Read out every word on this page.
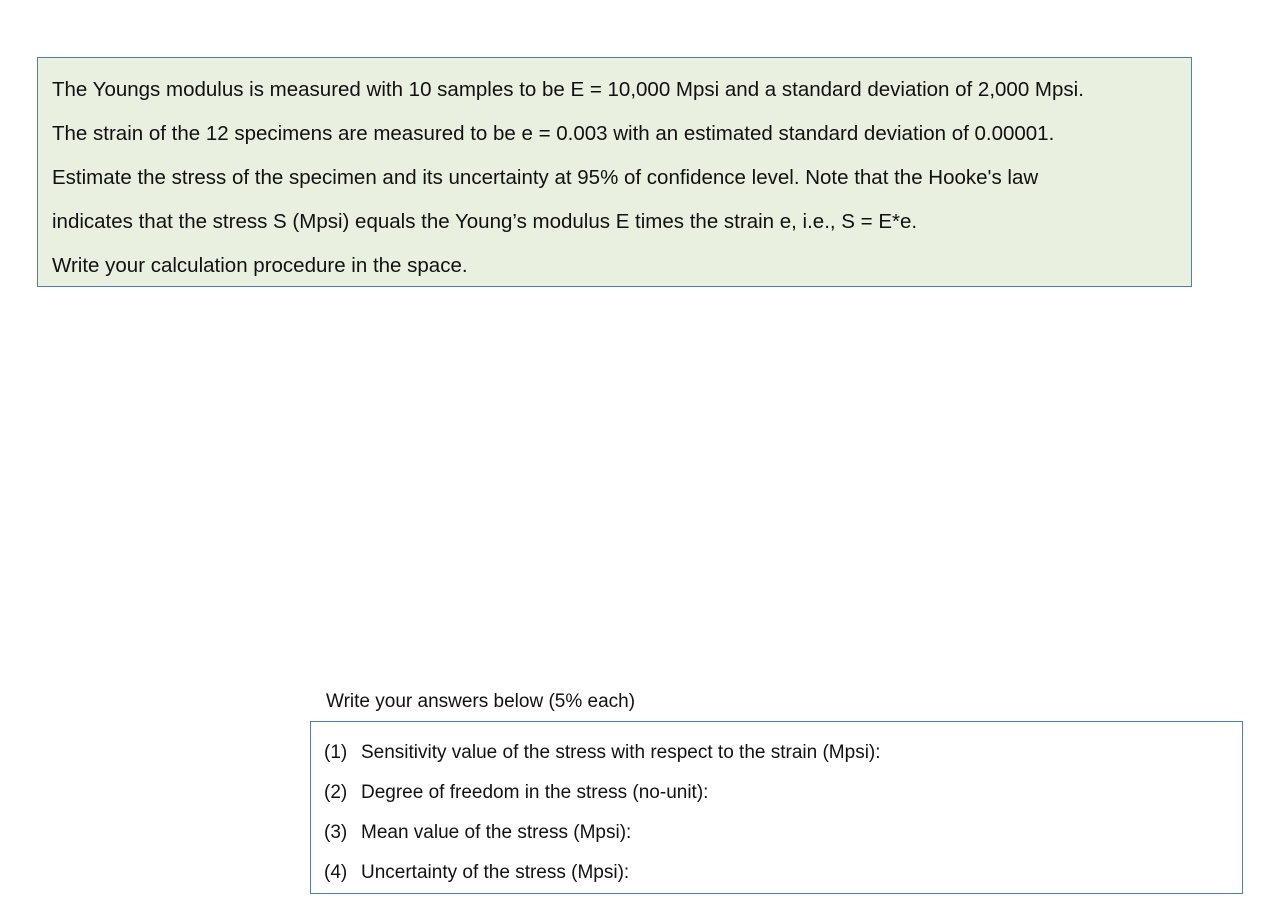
The Youngs modulus is measured with 10 samples to be E = 10,000 Mpsi and a standard deviation of 2,000 Mpsi.
The strain of the 12 specimens are measured to be e = 0.003 with an estimated standard deviation of 0.00001.
Estimate the stress of the specimen and its uncertainty at 95% of confidence level. Note that the Hooke's law
indicates that the stress S (Mpsi) equals the Young’s modulus E times the strain e, i.e., S = E*e.
Write your calculation procedure in the space.
Write your answers below (5% each)
(1) Sensitivity value of the stress with respect to the strain (Mpsi):
(2) Degree of freedom in the stress (no-unit):
(3) Mean value of the stress (Mpsi):
(4) Uncertainty of the stress (Mpsi):
